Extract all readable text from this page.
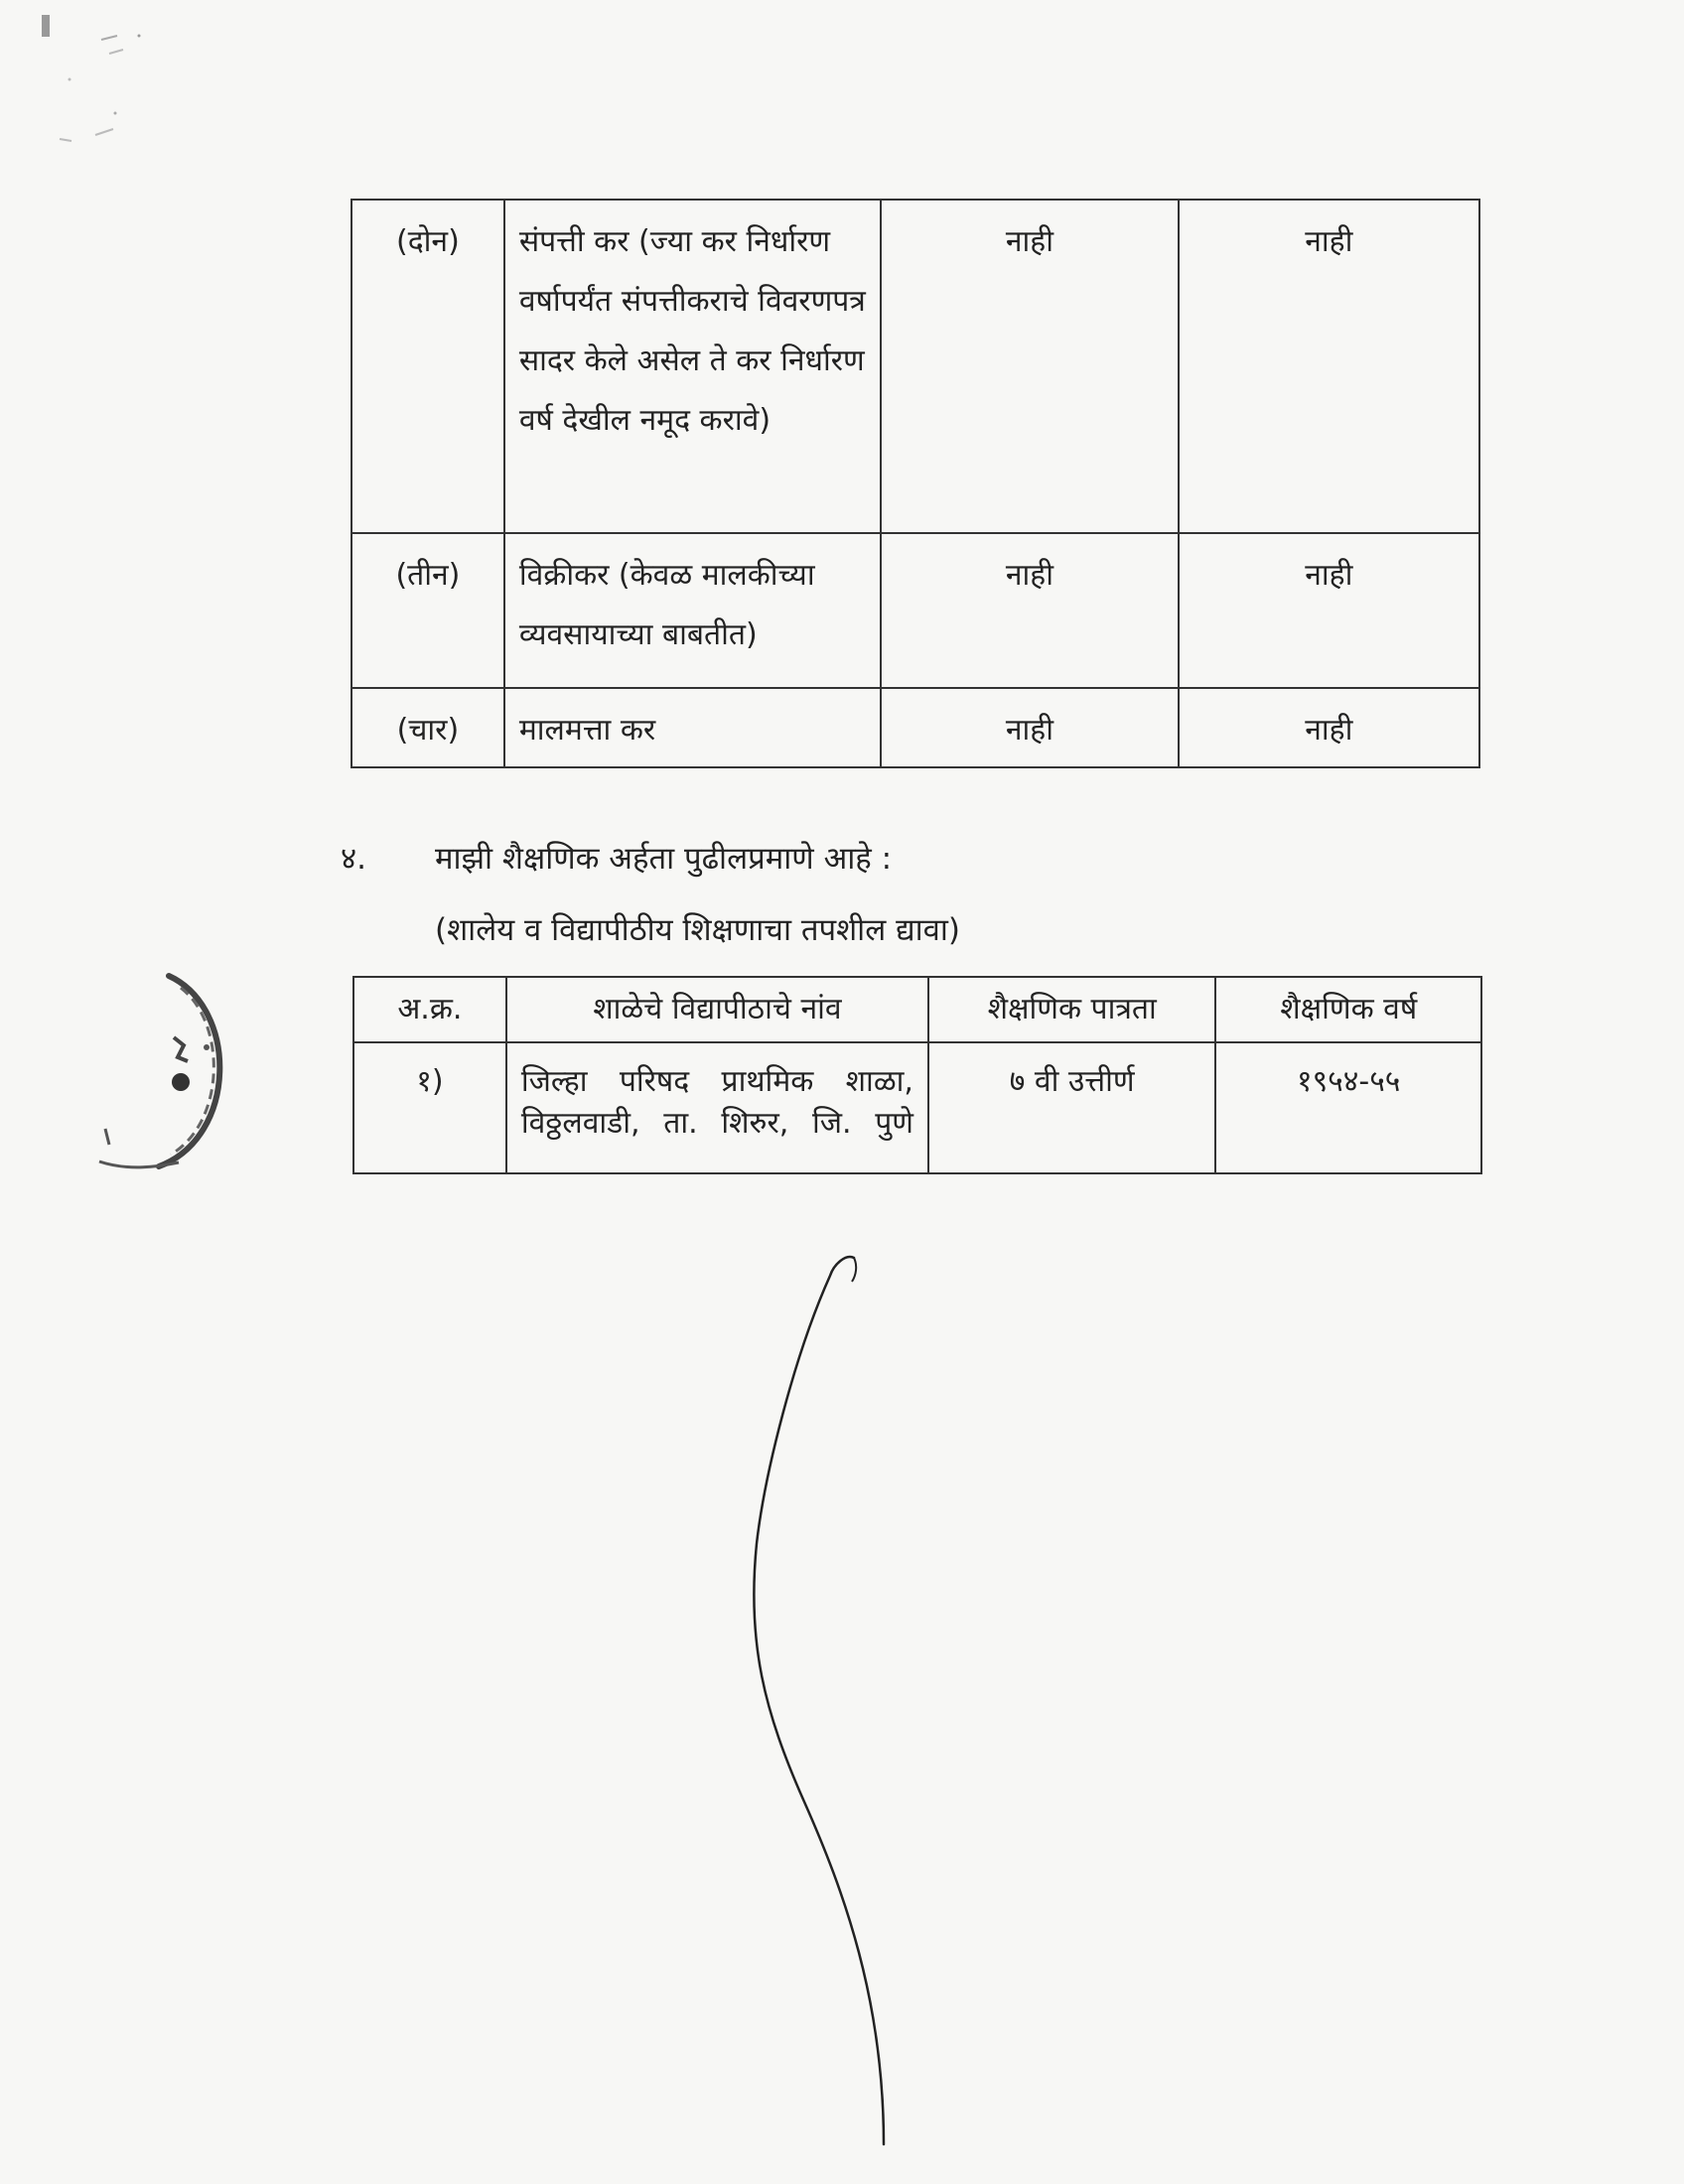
(दोन)	संपत्ती कर (ज्या कर निर्धारण वर्षापर्यंत संपत्तीकराचे विवरणपत्र सादर केले असेल ते कर निर्धारण वर्ष देखील नमूद करावे)	नाही	नाही
(तीन)	विक्रीकर (केवळ मालकीच्या व्यवसायाच्या बाबतीत)	नाही	नाही
(चार)	मालमत्ता कर	नाही	नाही
४. माझी शैक्षणिक अर्हता पुढीलप्रमाणे आहे :
(शालेय व विद्यापीठीय शिक्षणाचा तपशील द्यावा)
अ.क्र.	शाळेचे विद्यापीठाचे नांव	शैक्षणिक पात्रता	शैक्षणिक वर्ष
१)	जिल्हा परिषद प्राथमिक शाळा, विठ्ठलवाडी, ता. शिरुर, जि. पुणे	७ वी उत्तीर्ण	१९५४-५५
